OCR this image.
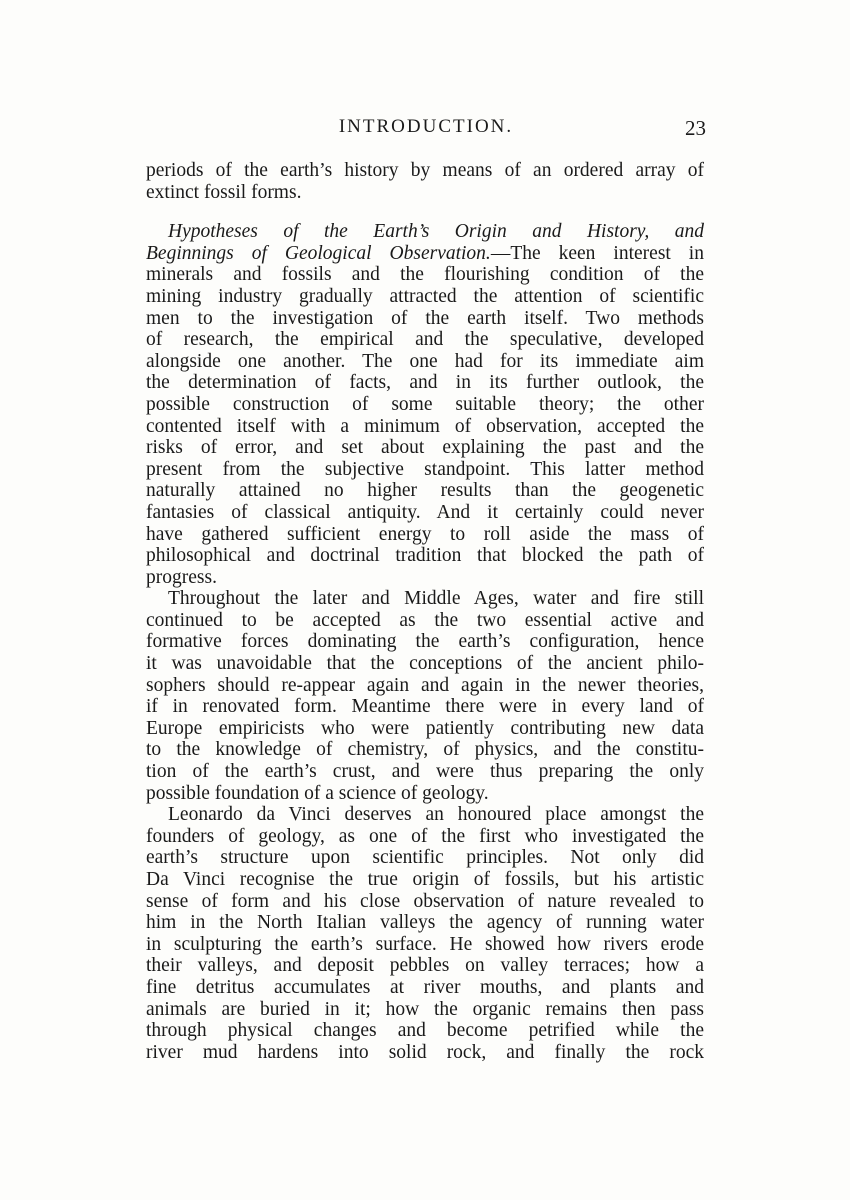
INTRODUCTION.	23
periods of the earth’s history by means of an ordered array of
extinct fossil forms.
Hypotheses of the Earth’s Origin and History, and
Beginnings of Geological Observation.—The keen interest in
minerals and fossils and the flourishing condition of the
mining industry gradually attracted the attention of scientific
men to the investigation of the earth itself. Two methods
of research, the empirical and the speculative, developed
alongside one another. The one had for its immediate aim
the determination of facts, and in its further outlook, the
possible construction of some suitable theory; the other
contented itself with a minimum of observation, accepted the
risks of error, and set about explaining the past and the
present from the subjective standpoint. This latter method
naturally attained no higher results than the geogenetic
fantasies of classical antiquity. And it certainly could never
have gathered sufficient energy to roll aside the mass of
philosophical and doctrinal tradition that blocked the path of
progress.
Throughout the later and Middle Ages, water and fire still
continued to be accepted as the two essential active and
formative forces dominating the earth’s configuration, hence
it was unavoidable that the conceptions of the ancient philo-
sophers should re-appear again and again in the newer theories,
if in renovated form. Meantime there were in every land of
Europe empiricists who were patiently contributing new data
to the knowledge of chemistry, of physics, and the constitu-
tion of the earth’s crust, and were thus preparing the only
possible foundation of a science of geology.
Leonardo da Vinci deserves an honoured place amongst the
founders of geology, as one of the first who investigated the
earth’s structure upon scientific principles. Not only did
Da Vinci recognise the true origin of fossils, but his artistic
sense of form and his close observation of nature revealed to
him in the North Italian valleys the agency of running water
in sculpturing the earth’s surface. He showed how rivers erode
their valleys, and deposit pebbles on valley terraces; how a
fine detritus accumulates at river mouths, and plants and
animals are buried in it; how the organic remains then pass
through physical changes and become petrified while the
river mud hardens into solid rock, and finally the rock
